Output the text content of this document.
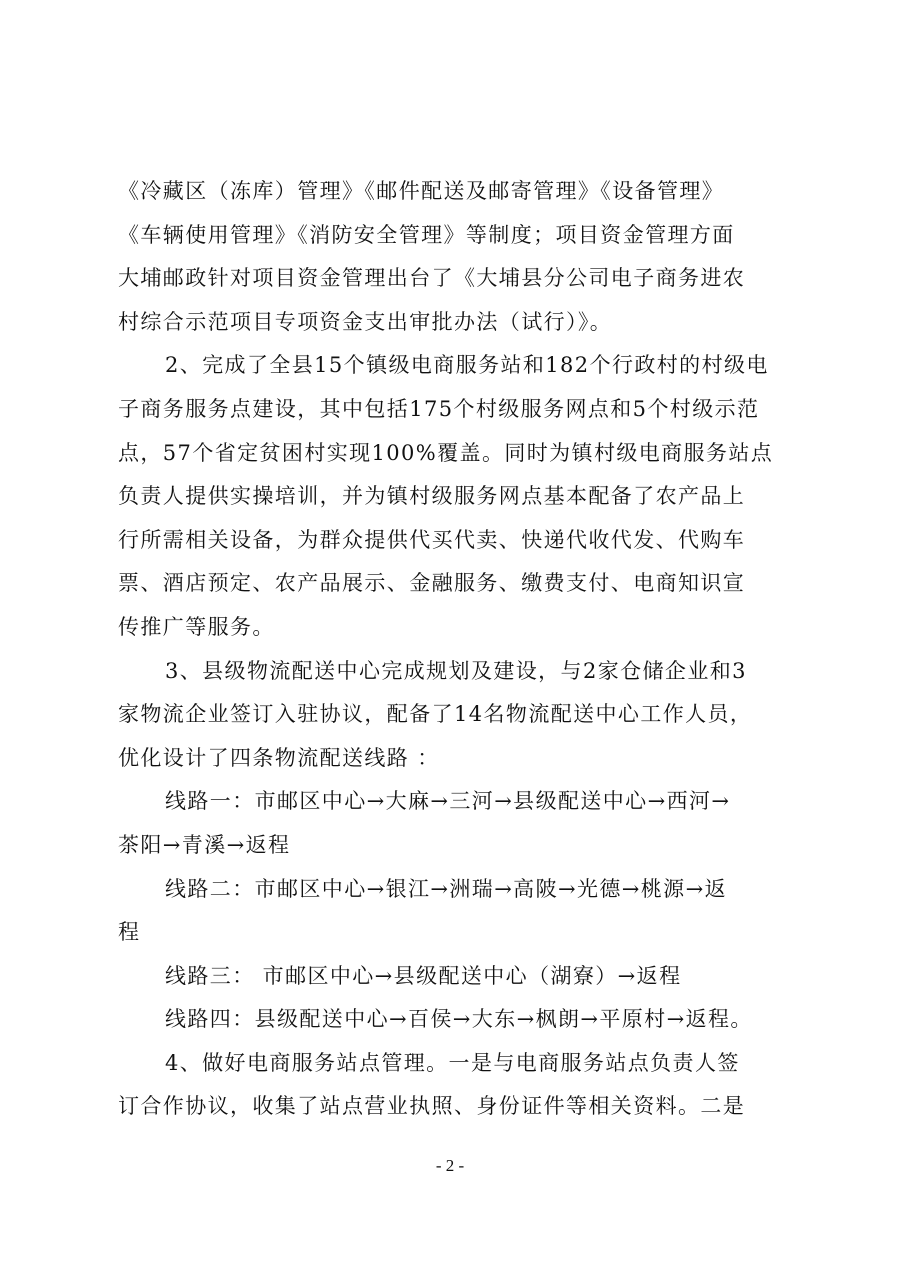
《冷藏区（冻库）管理》《邮件配送及邮寄管理》《设备管理》
《车辆使用管理》《消防安全管理》等制度；项目资金管理方面
大埔邮政针对项目资金管理出台了《大埔县分公司电子商务进农
村综合示范项目专项资金支出审批办法（试行）》。
2、完成了全县15个镇级电商服务站和182个行政村的村级电
子商务服务点建设，其中包括175个村级服务网点和5个村级示范
点，57个省定贫困村实现100%覆盖。同时为镇村级电商服务站点
负责人提供实操培训，并为镇村级服务网点基本配备了农产品上
行所需相关设备，为群众提供代买代卖、快递代收代发、代购车
票、酒店预定、农产品展示、金融服务、缴费支付、电商知识宣
传推广等服务。
3、县级物流配送中心完成规划及建设，与2家仓储企业和3
家物流企业签订入驻协议，配备了14名物流配送中心工作人员，
优化设计了四条物流配送线路 ：
线路一：市邮区中心→大麻→三河→县级配送中心→西河→
茶阳→青溪→返程
线路二：市邮区中心→银江→洲瑞→高陂→光德→桃源→返
程
线路三： 市邮区中心→县级配送中心（湖寮）→返程
线路四：县级配送中心→百侯→大东→枫朗→平原村→返程。
4、做好电商服务站点管理。一是与电商服务站点负责人签
订合作协议，收集了站点营业执照、身份证件等相关资料。二是
- 2 -
